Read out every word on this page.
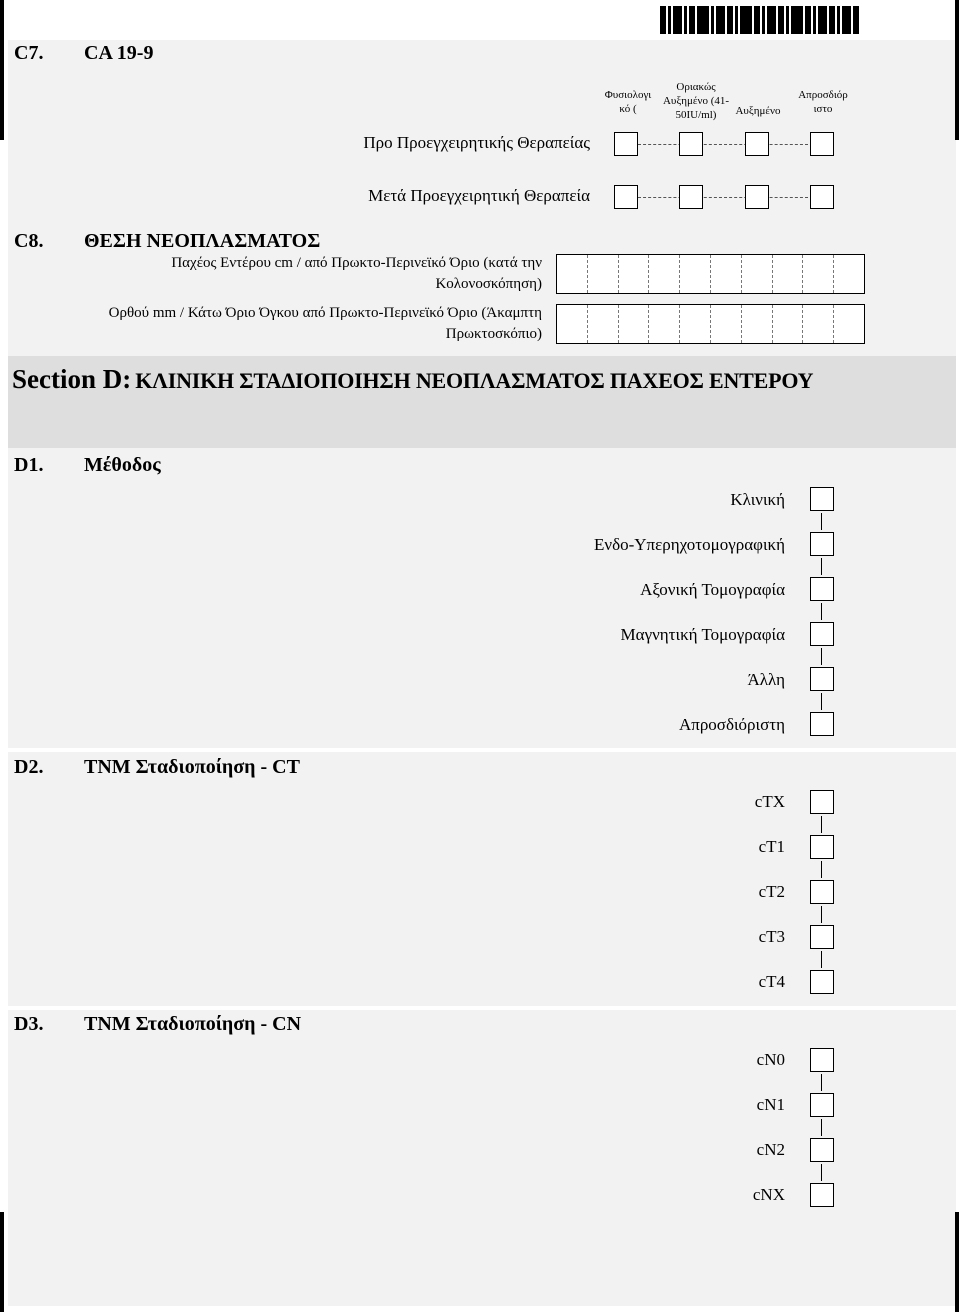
C7. CA 19-9
Φυσιολογι κό (
Οριακώς Αυξημένο (41-50IU/ml)	Αυξημένο
Απροσδιόρ ιστο
Προ Προεγχειρητικής Θεραπείας
Μετά Προεγχειρητική Θεραπεία
C8. ΘΕΣΗ ΝΕΟΠΛΑΣΜΑΤΟΣ
Παχέος Εντέρου cm / από Πρωκτο-Περινεϊκό Όριο (κατά την
Κολονοσκόπηση)
Ορθού mm / Κάτω Όριο Όγκου από Πρωκτο-Περινεϊκό Όριο (Άκαμπτη
Πρωκτοσκόπιο)
Section D: ΚΛΙΝΙΚΗ ΣΤΑΔΙΟΠΟΙΗΣΗ ΝΕΟΠΛΑΣΜΑΤΟΣ ΠΑΧΕΟΣ ΕΝΤΕΡΟΥ
D1. Μέθοδος
Κλινική
Ενδο-Υπερηχοτομογραφική
Αξονική Τομογραφία
Μαγνητική Τομογραφία
Άλλη
Απροσδιόριστη
D2. TNM Σταδιοποίηση - CT
cTX
cT1
cT2
cT3
cT4
D3. TNM Σταδιοποίηση - CN
cN0
cN1
cN2
cNX
